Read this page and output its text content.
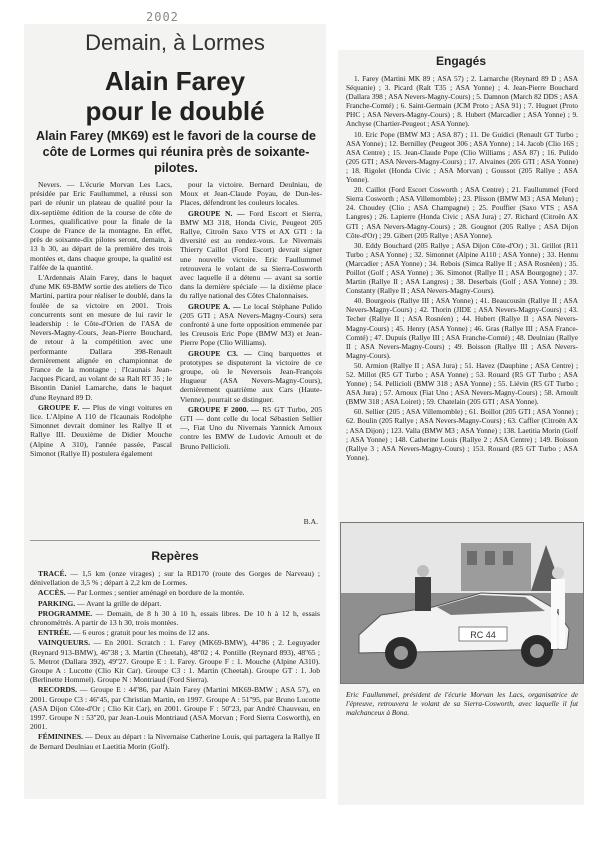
2002
Demain, à Lormes
Alain Farey
pour le doublé
Alain Farey (MK69) est le favori de la course de côte de Lormes qui réunira près de soixante-pilotes.

Nevers. — L'écurie Morvan Les Lacs, présidée par Eric Faullummel, a réussi son pari de réunir un plateau de qualité pour la dix-septième édition de la course de côte de Lormes, qualificative pour la finale de la Coupe de France de la montagne. En effet, près de soixante-dix pilotes seront, demain, à 13 h 30, au départ de la première des trois montées et, dans chaque groupe, la qualité est l'alfée de la quantité.

L'Ardennais Alain Farey, dans le baquet d'une MK 69-BMW sortie des ateliers de Tico Martini, partira pour réaliser le doublé, dans la foulée de sa victoire en 2001. Trois concurrents sont en mesure de lui ravir le leadership : le Côte-d'Orien de l'ASA de Nevers-Magny-Cours, Jean-Pierre Bouchard, de retour à la compétition avec une performante Dallara 398-Renault dernièrement alignée en championnat de France de la montagne ; l'Icaunais Jean-Jacques Picard, au volant de sa Ralt RT 35 ; le Bisontin Daniel Lamarche, dans le baquet d'une Reynard 89 D.

GROUPE F. — Plus de vingt voitures en lice. L'Alpine A 110 de l'Icaunais Rodolphe Simonnet devrait dominer les Rallye II et Rallye III. Deuxième de Didier Mouche (Alpine A 310), l'année passée, Pascal Simonot (Rallye II) postulera également

pour la victoire. Bernard Deulniau, de Moux et Jean-Claude Poyau, de Dun-les-Places, défendront les couleurs locales.

GROUPE N. — Ford Escort et Sierra, BMW M3 318, Honda Civic, Peugeot 205 Rallye, Citroën Saxo VTS et AX GTI : la diversité est au rendez-vous. Le Nivernais Thierry Caillot (Ford Escort) devrait signer une nouvelle victoire. Eric Faullummel retrouvera le volant de sa Sierra-Cosworth avec laquelle il a détenu — avant sa sortie dans la dernière spéciale — la dixième place du rallye national des Côtes Chalonnaises.

GROUPE A. — Le local Stéphane Pulido (205 GTI ; ASA Nevers-Magny-Cours) sera confronté à une forte opposition emmenée par les Creusois Eric Pope (BMW M3) et Jean-Pierre Pope (Clio Williams).

GROUPE C3. — Cinq barquettes et prototypes se disputeront la victoire de ce groupe, où le Neversois Jean-François Hugueur (ASA Nevers-Magny-Cours), dernièrement quatrième aux Cars (Haute-Vienne), pourrait se distinguer.

GROUPE F 2000. — R5 GT Turbo, 205 GTI — dont celle du local Sébastien Sellier —, Fiat Uno du Nivernais Yannick Arnoux contre les BMW de Ludovic Arnoult et de Bruno Pellicioli.

B.A.
Repères

TRACÉ. — 1,5 km (onze virages) ; sur la RD170 (route des Gorges de Narveau) ; dénivellation de 3,5 % ; départ à 2,2 km de Lormes.

ACCÈS. — Par Lormes ; sentier aménagé en bordure de la montée.

PARKING. — Avant la grille de départ.

PROGRAMME. — Demain, de 8 h 30 à 10 h, essais libres. De 10 h à 12 h, essais chronométrés. A partir de 13 h 30, trois montées.

ENTRÉE. — 6 euros ; gratuit pour les moins de 12 ans.

VAINQUEURS. — En 2001. Scratch : 1. Farey (MK69-BMW), 44''86 ; 2. Leguyader (Reynard 913-BMW), 46''38 ; 3. Martin (Cheetah), 48''02 ; 4. Pontille (Reynard 893), 48''65 ; 5. Metrot (Dallara 392), 49''27. Groupe E : 1. Farey. Groupe F : 1. Mouche (Alpine A310). Groupe A : Lucotte (Clio Kit Car). Groupe C3 : 1. Martin (Cheetah). Groupe GT : 1. Job (Berlinette Hommel). Groupe N : Montriaud (Ford Sierra).

RECORDS. — Groupe E : 44''86, par Alain Farey (Martini MK69-BMW ; ASA 57), en 2001. Groupe C3 : 46''45, par Christian Martin, en 1997. Groupe A : 51''95, par Bruno Lucotte (ASA Dijon Côte-d'Or ; Clio Kit Car), en 2001. Groupe F : 50''23, par André Chauveau, en 1997. Groupe N : 53''20, par Jean-Louis Montriaud (ASA Morvan ; Ford Sierra Cosworth), en 2001.

FÉMININES. — Deux au départ : la Nivernaise Catherine Louis, qui partagera la Rallye II de Bernard Deulniau et Laetitia Morin (Golf).

Engagés

1. Farey (Martini MK 89 ; ASA 57) ; 2. Larnarche (Reynard 89 D ; ASA Séquanie) ; 3. Picard (Ralt T35 ; ASA Yonne) ; 4. Jean-Pierre Bouchard (Dallara 398 ; ASA Nevers-Magny-Cours) ; 5. Damnon (March 82 DDS ; ASA Franche-Comté) ; 6. Saint-Germain (JCM Proto ; ASA 91) ; 7. Huguet (Proto PHC ; ASA Nevers-Magny-Cours) ; 8. Hubert (Marcadier ; ASA Yonne) ; 9. Anchyse (Chartier-Peugeot ; ASA Yonne).

10. Eric Pope (BMW M3 ; ASA 87) ; 11. De Guidici (Renault GT Turbo ; ASA Yonne) ; 12. Bernilley (Peugeot 306 ; ASA Yonne) ; 14. Jacob (Clio 16S ; ASA Centre) ; 15. Jean-Claude Pope (Clio Williams ; ASA 87) ; 16. Pulido (205 GTI ; ASA Nevers-Magny-Cours) ; 17. Alvaines (205 GTI ; ASA Yonne) ; 18. Rigolet (Honda Civic ; ASA Morvan) ; Goussot (205 Rallye ; ASA Yonne).

20. Caillot (Ford Escort Cosworth ; ASA Centre) ; 21. Faullummel (Ford Sierra Cosworth ; ASA Villemomble) ; 23. Plisson (BMW M3 ; ASA Melun) ; 24. Choudey (Clio ; ASA Champagne) ; 25. Pouffier (Saxo VTS ; ASA Langres) ; 26. Lapierre (Honda Civic ; ASA Jura) ; 27. Richard (Citroën AX GTI ; ASA Nevers-Magny-Cours) ; 28. Gougnot (205 Rallye ; ASA Dijon Côte-d'Or) ; 29. Gibert (205 Rallye ; ASA Yonne).

30. Eddy Bouchard (205 Rallye ; ASA Dijon Côte-d'Or) ; 31. Grillot (R11 Turbo ; ASA Yonne) ; 32. Simonnet (Alpine A110 ; ASA Yonne) ; 33. Hennu (Marcadier ; ASA Yonne) ; 34. Rebois (Simca Rallye II ; ASA Rosnéen) ; 35. Poillot (Golf ; ASA Yonne) ; 36. Simonot (Rallye II ; ASA Bourgogne) ; 37. Martin (Rallye II ; ASA Langres) ; 38. Deserbais (Golf ; ASA Yonne) ; 39. Constanty (Rallye II ; ASA Nevers-Magny-Cours).

40. Bourgeois (Rallye III ; ASA Yonne) ; 41. Beaucousin (Rallye II ; ASA Nevers-Magny-Cours) ; 42. Thorin (JIDE ; ASA Nevers-Magny-Cours) ; 43. Techer (Rallye II ; ASA Rosnéen) ; 44. Hubert (Rallye II ; ASA Nevers-Magny-Cours) ; 45. Henry (ASA Yonne) ; 46. Gras (Rallye III ; ASA France-Comté) ; 47. Dupuis (Rallye III ; ASA Franche-Comté) ; 48. Deulniau (Rallye II ; ASA Nevers-Magny-Cours) ; 49. Boisson (Rallye III ; ASA Nevers-Magny-Cours).

50. Armion (Rallye II ; ASA Jura) ; 51. Havez (Dauphine ; ASA Centre) ; 52. Millot (R5 GT Turbo ; ASA Yonne) ; 53. Rouard (R5 GT Turbo ; ASA Yonne) ; 54. Pellicioli (BMW 318 ; ASA Yonne) ; 55. Liévin (R5 GT Turbo ; ASA Jura) ; 57. Arnoux (Fiat Uno ; ASA Nevers-Magny-Cours) ; 58. Arnoult (BMW 318 ; ASA Loiret) ; 59. Chatelain (205 GTI ; ASA Yonne).

60. Sellier (205 ; ASA Villemomble) ; 61. Boillot (205 GTI ; ASA Yonne) ; 62. Boulin (205 Rallye ; ASA Nevers-Magny-Cours) ; 63. Caffier (Citroën AX ; ASA Dijon) ; 123. Valla (BMW M3 ; ASA Yonne) ; 138. Laetitia Morin (Golf ; ASA Yonne) ; 148. Catherine Louis (Rallye 2 ; ASA Centre) ; 149. Boisson (Rallye 3 ; ASA Nevers-Magny-Cours) ; 153. Rouard (R5 GT Turbo ; ASA Yonne).

RC 44
Eric Faullummel, président de l'écurie Morvan les Lacs, organisatrice de l'épreuve, retrouvera le volant de sa Sierra-Cosworth, avec laquelle il fut malchanceux à Bona.
